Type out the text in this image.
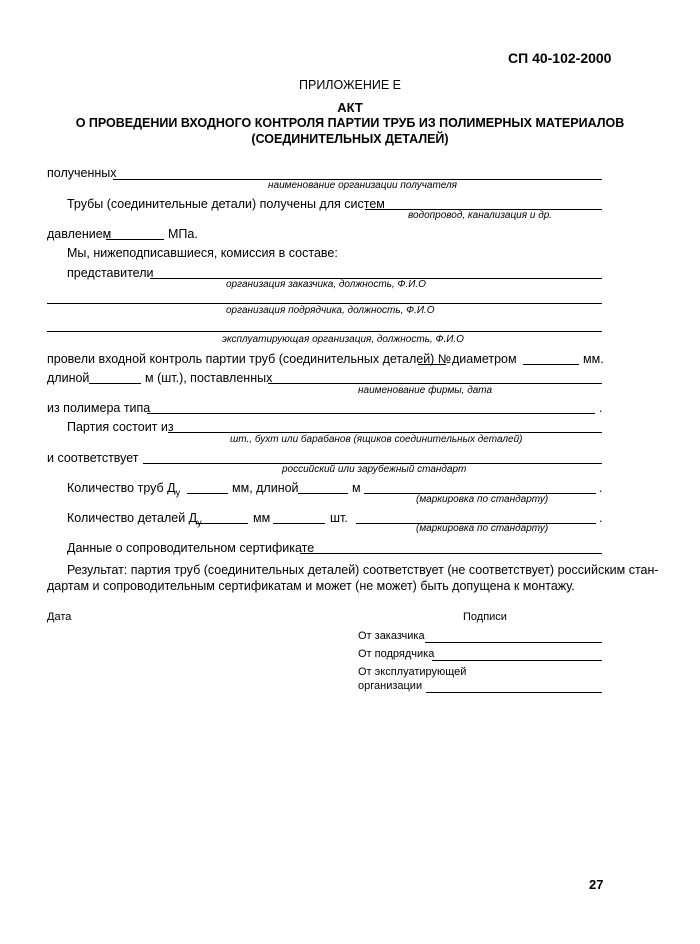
СП 40-102-2000
ПРИЛОЖЕНИЕ Е
АКТ
О ПРОВЕДЕНИИ ВХОДНОГО КОНТРОЛЯ ПАРТИИ ТРУБ ИЗ ПОЛИМЕРНЫХ МАТЕРИАЛОВ
(СОЕДИНИТЕЛЬНЫХ ДЕТАЛЕЙ)
полученных
наименование организации получателя
Трубы (соединительные детали) получены для систем
водопровод, канализация и др.
давлением	МПа.
Мы, нижеподписавшиеся, комиссия в составе:
представители
организация заказчика, должность, Ф.И.О
организация подрядчика, должность, Ф.И.О
эксплуатирующая организация, должность, Ф.И.О
провели входной контроль партии труб (соединительных деталей) № диаметром	мм.
длиной	м (шт.), поставленных
наименование фирмы, дата
из полимера типа	.
Партия состоит из
шт., бухт или барабанов (ящиков соединительных деталей)
и соответствует
российский или зарубежный стандарт
Количество труб $Д_у$	мм, длиной	м	.
(маркировка по стандарту)
Количество деталей $Д_у$	мм	шт.	.
(маркировка по стандарту)
Данные о сопроводительном сертификате
Результат: партия труб (соединительных деталей) соответствует (не соответствует) российским стан-
дартам и сопроводительным сертификатам и может (не может) быть допущена к монтажу.
Дата	Подписи
От заказчика
От подрядчика
От эксплуатирующей
организации
27
